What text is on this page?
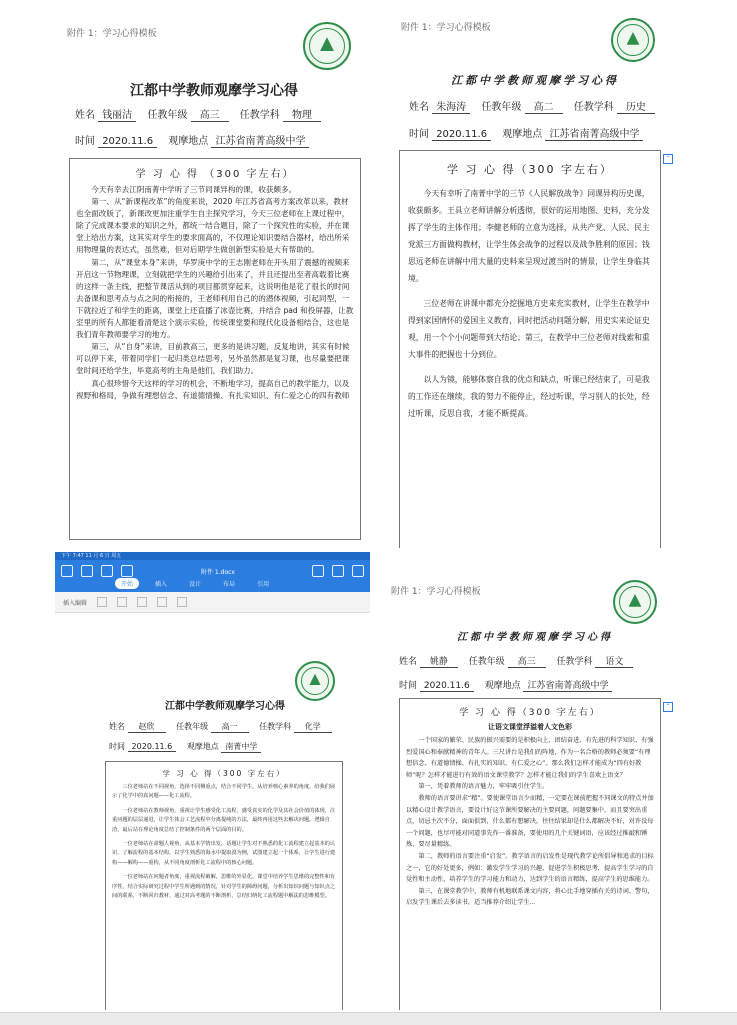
附件 1：学习心得模板
江都中学教师观摩学习心得
姓名 钱丽洁 任教年级 高三 任教学科 物理
时间 2020.11.6 观摩地点 江苏省南菁高级中学
学 习 心 得 （300 字左右）

今天有幸去江阴南菁中学听了三节同课异构的课，收获颇多。

第一、从“新课程改革”的角度来说，2020 年江苏省高考方案改革以来，教材也全面改版了，新课改更加注重学生自主探究学习，今天三位老师在上课过程中，除了完成课本要求的知识之外，都统一结合题目，除了一个探究性的实验，并在课堂上给出方案，这其实对学生的要求面高的，不仅理论知识要结合器材，给出所采用物理量的表达式，虽然难，但对后期学生做创新型实验是大有帮助的。

第二，从“课堂本身”来讲，华罗庚中学的王志刚老师在开头用了震撼的视频来开启这一节物理课，立刻就把学生的兴趣给引出来了，并且还提出至者高载着比赛的这样一条主线，把整节课活从到的项目都贯穿起来，这说明他是花了很长的时间去备课和思考点与点之间的衔接的，王老师利用自己的的潜体视频，引起同型，一下就拉近了和学生的距离，课堂上还直播了冰壶比赛，并结合 pad 和投屏器，让教室里的所有人都能看清楚这个演示实验，传统课堂要和现代化设备相结合，这也是我们青年教师要学习的地方。

第三，从“自身”来讲，目前教高三，更多的是讲习题，反复地讲，其实有时候可以停下来，带着同学们一起归类总结思考，另外虽然都是复习课，也尽量要把课堂时间还给学生，毕竟高考的主角是他们，我们助力。

真心很珍惜今天这样的学习的机会，不断地学习，提高自己的教学能力，以及视野和格局，争做有理想信念、有道德情操、有扎实知识、有仁爱之心的四有教师

附件 1：学习心得模板
江都中学教师观摩学习心得
姓名 朱海涛 任教年级 高二 任教学科 历史
时间 2020.11.6 观摩地点 江苏省南菁高级中学
学 习 心 得（300 字左右）

今天有幸听了南菁中学的三节《人民解放战争》同课异构历史课，收获颇多。王具立老师讲解分析透彻，很好的运用地图、史料，充分发挥了学生的主体作用；李健老师的立意为选择，从共产党、人民、民主党派三方面做构教材，让学生体会战争的过程以及战争胜利的原因；钱思远老师在讲解中用大量的史料来呈现过渡当时的情景，让学生身临其境。

三位老师在讲课中都充分挖掘地方史来充实教材，让学生在教学中得到家国情怀的爱国主义教育，同时把活动问题分解，用史实来论证史观，用一个个小问题带到大结论；第三，在教学中三位老师对线索和重大事件的把握也十分到位。

以人为镜，能够体察自我的优点和缺点，听课已经结束了，可是我的工作还在继续，我的努力不能停止，经过听课，学习别人的长处，经过听课，反思自我，才能不断提高。

⌃
下午 7:47 11 月 6 日 周五
附件 1.docx
开始	插入	设计	布局	引用
插入编辑
江都中学教师观摩学习心得
姓名 赵欣	任教年级 高一	任教学科 化学
时间 2020.11.6 观摩地点 南菁中学
学 习 心 得（300 字左右）

三位老师站在不同视角，选择不同侧重点，结合不同学生，从培养核心素养的角度，给我们展示了化学中的真问题——化工流程。

一位老师站在教师视角，重视让学生感受化工流程，感受真实的化学及其社会价值的体现，注重问题的层层递进，让学生体会工艺流程中分离提纯的方法，最终再用这些去解决问题，逻辑自洽，最后站在理论角度总结了控制条件的两个层面的目的。

一位老师站在命题人视角，从基本学情出发，话题让学生对不熟悉的化工流程建立起基本的认识，了解流程的基本结构，以学生熟悉的海水中提取溴为例，试图建立起一个体系，让学生进行建构——解构——重构，从不同角度剖析化工流程中的核心问题。

一位老师站在问题者角度，重视流程破解，思维的外显化，课堂中培养学生思维的完整性和有序性，结合实际研究过程中学生所遇到的情况，针对学生的障碍问题，分析出知识问题与知识点之间的联系，不断回归教材，通过对高考题的不断剖析，总结归纳化工流程题中解法的思维模型。

附件 1：学习心得模板
江都中学教师观摩学习心得
姓名 姚静 任教年级 高三 任教学科 语文
时间 2020.11.6 观摩地点 江苏省南菁高级中学
学 习 心 得（300 字左右）
让语文课堂浮溢着人文色彩

一个国家的繁荣、民族的振兴需要的是积极向上、团结奋进、有先进的科学知识、有强烈爱国心和奉献精神的青年人。三尺讲台是我们的阵地，作为一名合格的教师必须要“有理想信念、有道德情操、有扎实的知识、有仁爱之心”。那么我们怎样才能成为“四有好教师”呢？怎样才能进行有效的语文课堂教学？怎样才能让我们的学生喜欢上语文？

第一，凭着教师的语言魅力，牢牢吸引住学生。

教师的语言要讲求“精”。要使课堂语言少而精，一定要在课前把握不同课文的特点并加以精心设计教学语言，要设计好这节课所要解决的主要问题，问题要集中，而且要突出重点，切忌主次不分，面面俱到，什么都有想解决，往往结果却是什么都解决不好，对许没每一个问题，也尽可能对同道事先作一番准备，要使用的几个关键词语，应该经过推敲和锤炼，要尽量精练。

第二，教师的语言要注重“启发”。教学语言的启发性是现代教学论所倡导和追求的目标之一，它的好处更多，例如：激发学生学习的兴趣，促进学生积极思考，提高学生学习的自觉性和主动性，培养学生的学习能力和动力，达到学生的语言精练，提高学生的思维能力。

第三，在课堂教学中，教师有机地联系课文内容，将心比手地穿插有关的诗词、警句，启发学生课后去多读书，适当推荐介绍让学生...

⌃
